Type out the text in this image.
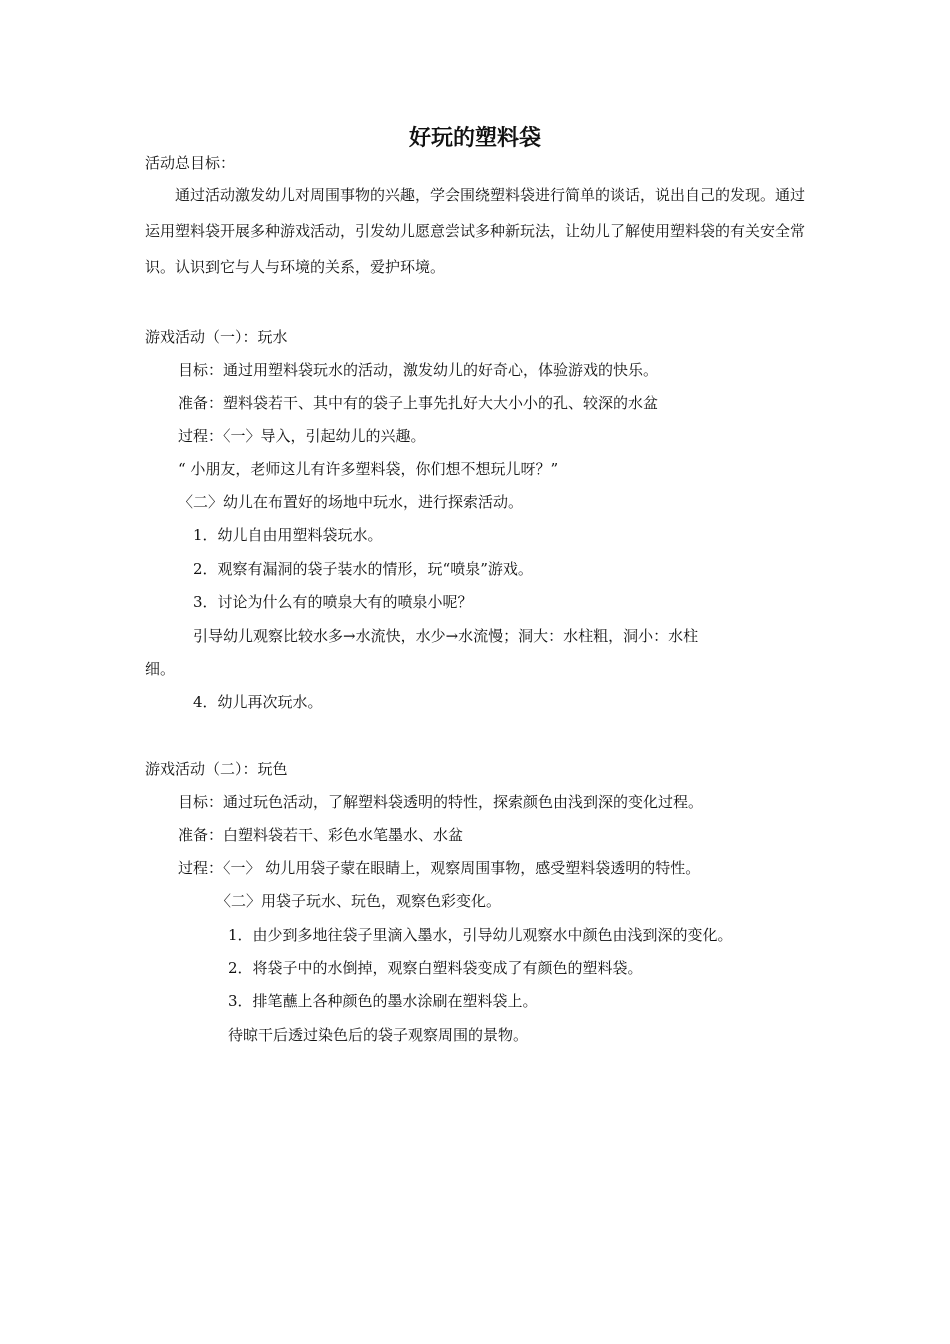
好玩的塑料袋
活动总目标：
通过活动激发幼儿对周围事物的兴趣，学会围绕塑料袋进行简单的谈话，说出自己的发现。通过运用塑料袋开展多种游戏活动，引发幼儿愿意尝试多种新玩法，让幼儿了解使用塑料袋的有关安全常识。认识到它与人与环境的关系，爱护环境。
游戏活动（一）：玩水
目标：通过用塑料袋玩水的活动，激发幼儿的好奇心，体验游戏的快乐。
准备：塑料袋若干、其中有的袋子上事先扎好大大小小的孔、较深的水盆
过程：〈一〉导入，引起幼儿的兴趣。
“ 小朋友，老师这儿有许多塑料袋，你们想不想玩儿呀？”
〈二〉幼儿在布置好的场地中玩水，进行探索活动。
1．幼儿自由用塑料袋玩水。
2．观察有漏洞的袋子装水的情形，玩“喷泉”游戏。
3．讨论为什么有的喷泉大有的喷泉小呢？
引导幼儿观察比较水多→水流快，水少→水流慢；洞大：水柱粗，洞小：水柱
细。
4．幼儿再次玩水。
游戏活动（二）：玩色
目标：通过玩色活动，了解塑料袋透明的特性，探索颜色由浅到深的变化过程。
准备：白塑料袋若干、彩色水笔墨水、水盆
过程：〈一〉 幼儿用袋子蒙在眼睛上，观察周围事物，感受塑料袋透明的特性。
〈二〉用袋子玩水、玩色，观察色彩变化。
1．由少到多地往袋子里滴入墨水，引导幼儿观察水中颜色由浅到深的变化。
2．将袋子中的水倒掉，观察白塑料袋变成了有颜色的塑料袋。
3．排笔蘸上各种颜色的墨水涂刷在塑料袋上。
待晾干后透过染色后的袋子观察周围的景物。
